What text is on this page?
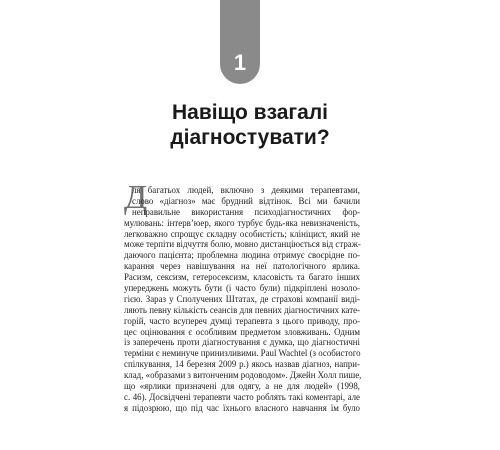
1
Навіщо взагалі
діагностувати?
Д
ля багатьох людей, включно з деякими терапевтами,
слово «діагноз» має брудний відтінок. Всі ми бачили
неправильне використання психодіагностичних фор-
мулювань: інтерв’юер, якого турбує будь-яка невизначеність,
легковажно спрощує складну особистість; клініцист, який не
може терпіти відчуття болю, мовно дистанціюється від страж-
даючого пацієнта; проблемна людина отримує своєрідне по-
карання через навішування на неї патологічного ярлика.
Расизм, сексизм, гетеросексизм, класовість та багато інших
упереджень можуть бути (і часто були) підкріплені нозоло-
гією. Зараз у Сполучених Штатах, де страхові компанії виді-
ляють певну кількість сеансів для певних діагностичних кате-
горій, часто всупереч думці терапевта з цього приводу, про-
цес оцінювання є особливим предметом зловживань. Одним
із заперечень проти діагностування є думка, що діагностичні
терміни є неминуче принизливими. Paul Wachtel (з особистого
спілкування, 14 березня 2009 р.) якось назвав діагноз, напри-
клад, «образами з витонченим родоводом». Джейн Холл пише,
що «ярлики призначені для одягу, а не для людей» (1998,
с. 46). Досвідчені терапевти часто роблять такі коментарі, але
я підозрюю, що під час їхнього власного навчання їм було
